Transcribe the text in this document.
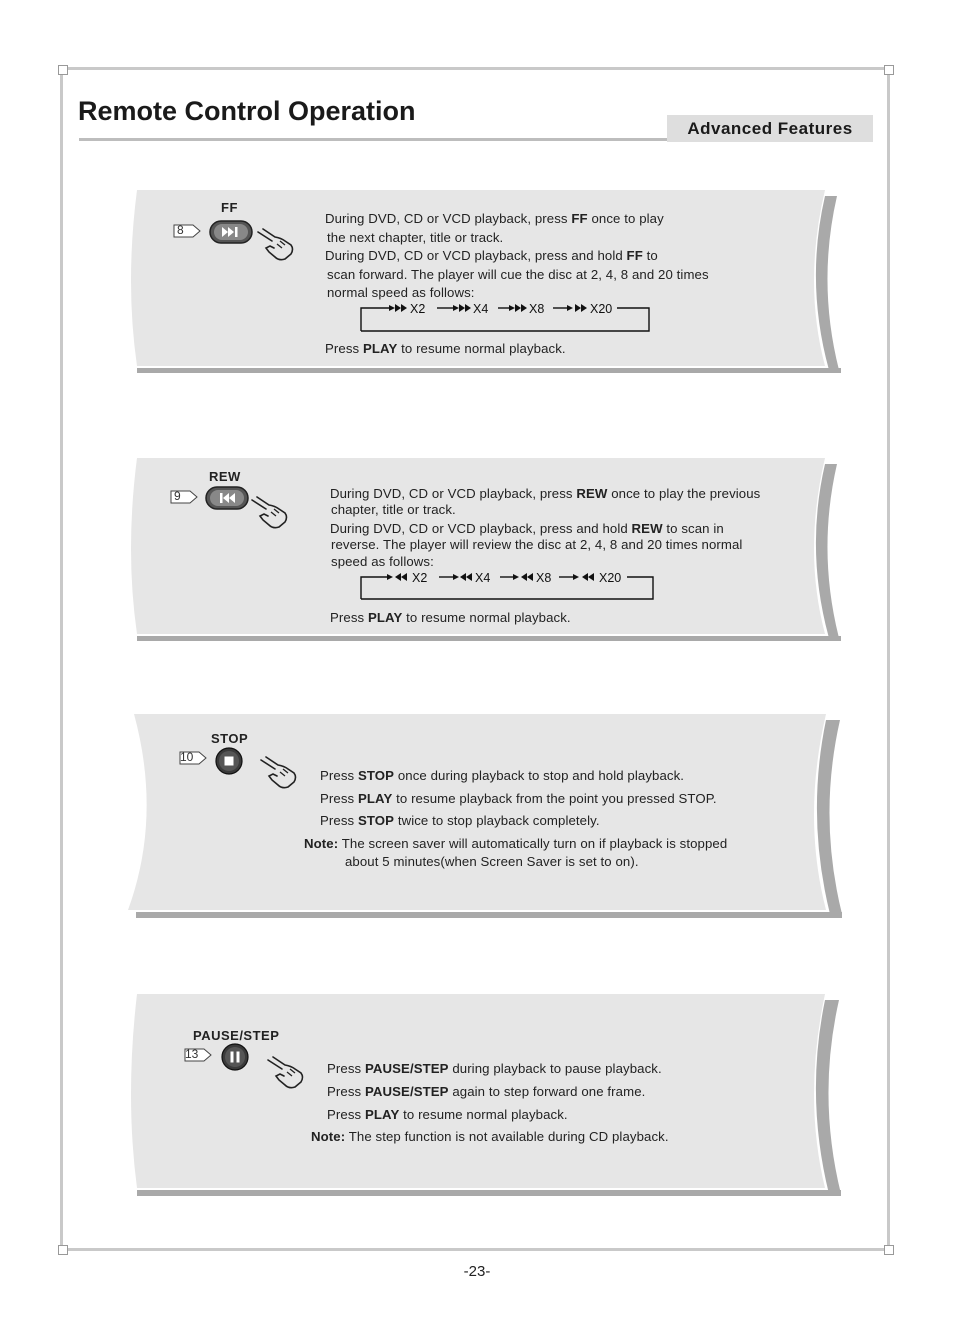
Remote Control Operation
Advanced Features
FF
8
During DVD, CD or VCD playback, press FF once to play
the next chapter, title or track.
During DVD, CD or VCD playback, press and hold FF to
scan forward. The player will cue the disc at 2, 4, 8 and 20 times
normal speed as follows:
X2	X4	X8	X20
Press PLAY to resume normal playback.
REW
9	During DVD, CD or VCD playback, press REW once to play the previous
chapter, title or track.
During DVD, CD or VCD playback, press and hold REW to scan in
reverse. The player will review the disc at 2, 4, 8 and 20 times normal
speed as follows:
X2	X4	X8	X20
Press PLAY to resume normal playback.
STOP
10
Press STOP once during playback to stop and hold playback.
Press PLAY to resume playback from the point you pressed STOP.
Press STOP twice to stop playback completely.
Note: The screen saver will automatically turn on if playback is stopped
about 5 minutes(when Screen Saver is set to on).
PAUSE/STEP
13
Press PAUSE/STEP during playback to pause playback.
Press PAUSE/STEP again to step forward one frame.
Press PLAY to resume normal playback.
Note: The step function is not available during CD playback.
-23-
